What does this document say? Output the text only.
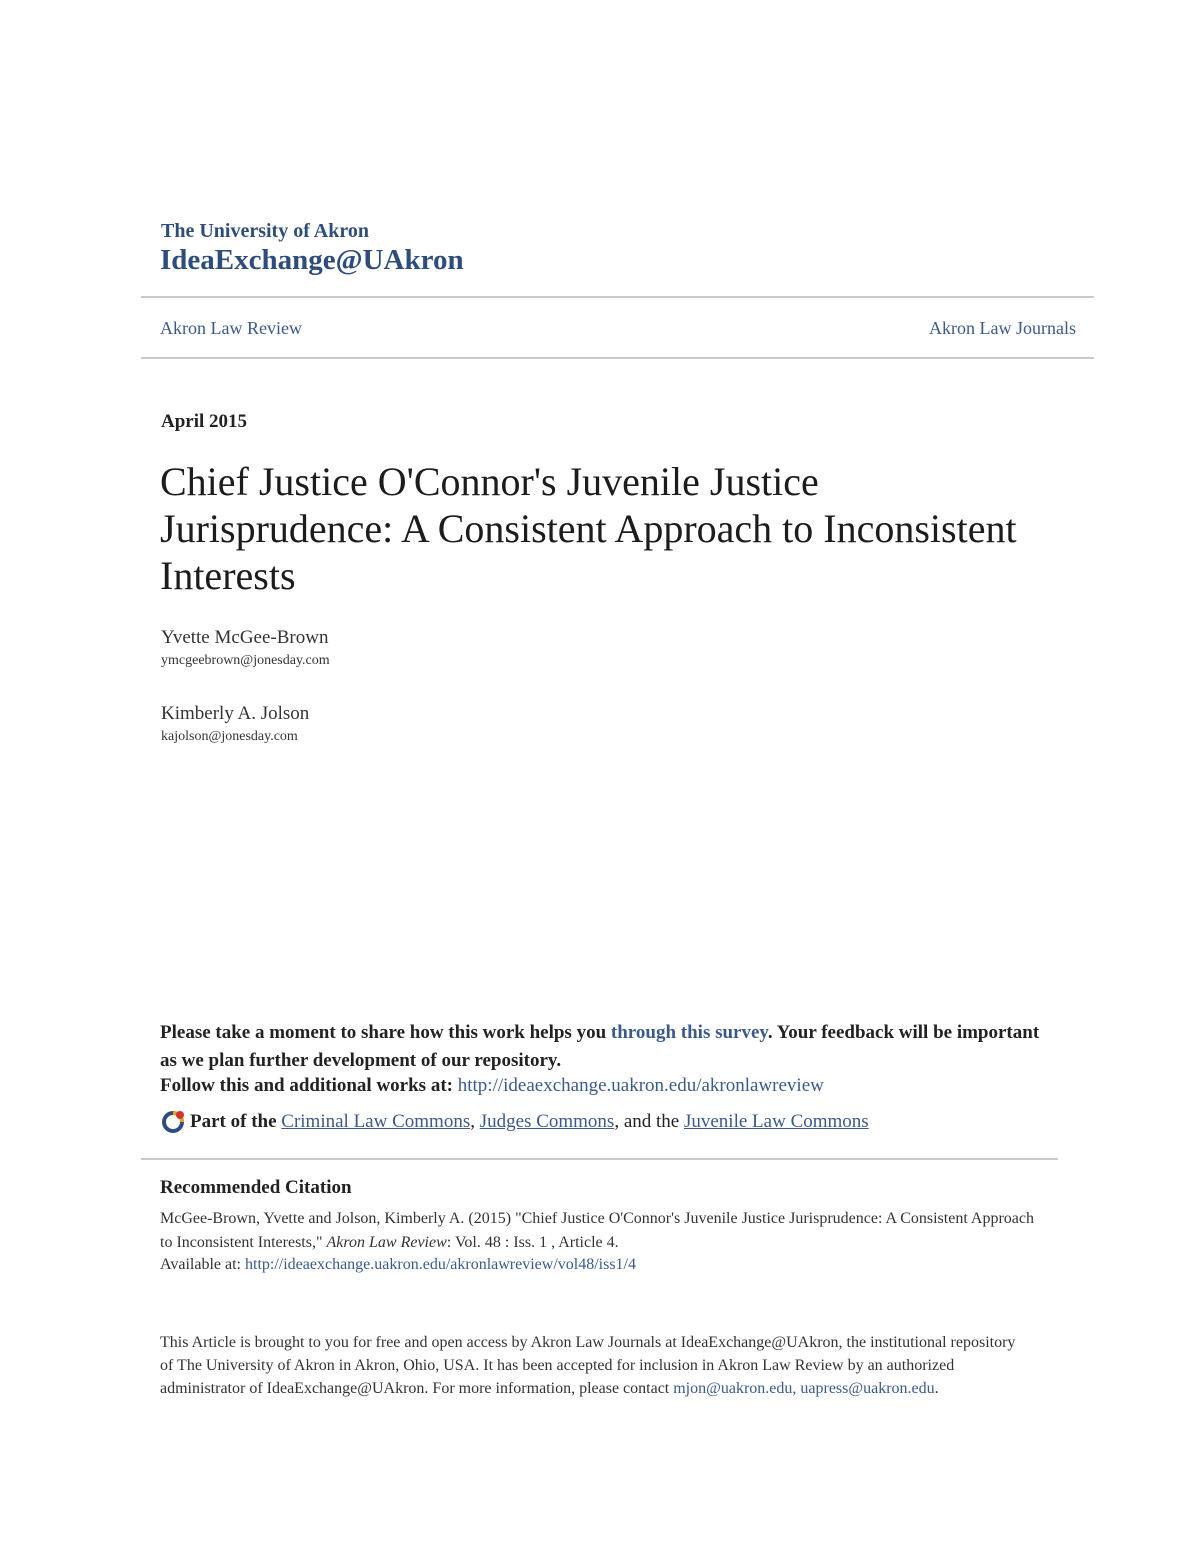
The University of Akron
IdeaExchange@UAkron
Akron Law Review	Akron Law Journals
April 2015
Chief Justice O'Connor's Juvenile Justice Jurisprudence: A Consistent Approach to Inconsistent Interests
Yvette McGee-Brown
ymcgeebrown@jonesday.com
Kimberly A. Jolson
kajolson@jonesday.com
Please take a moment to share how this work helps you through this survey. Your feedback will be important as we plan further development of our repository.
Follow this and additional works at: http://ideaexchange.uakron.edu/akronlawreview
Part of the Criminal Law Commons , Judges Commons , and the Juvenile Law Commons
Recommended Citation
McGee-Brown, Yvette and Jolson, Kimberly A. (2015) "Chief Justice O'Connor's Juvenile Justice Jurisprudence: A Consistent Approach to Inconsistent Interests," Akron Law Review: Vol. 48 : Iss. 1 , Article 4.
Available at: http://ideaexchange.uakron.edu/akronlawreview/vol48/iss1/4
This Article is brought to you for free and open access by Akron Law Journals at IdeaExchange@UAkron, the institutional repository of The University of Akron in Akron, Ohio, USA. It has been accepted for inclusion in Akron Law Review by an authorized administrator of IdeaExchange@UAkron. For more information, please contact mjon@uakron.edu, uapress@uakron.edu.
